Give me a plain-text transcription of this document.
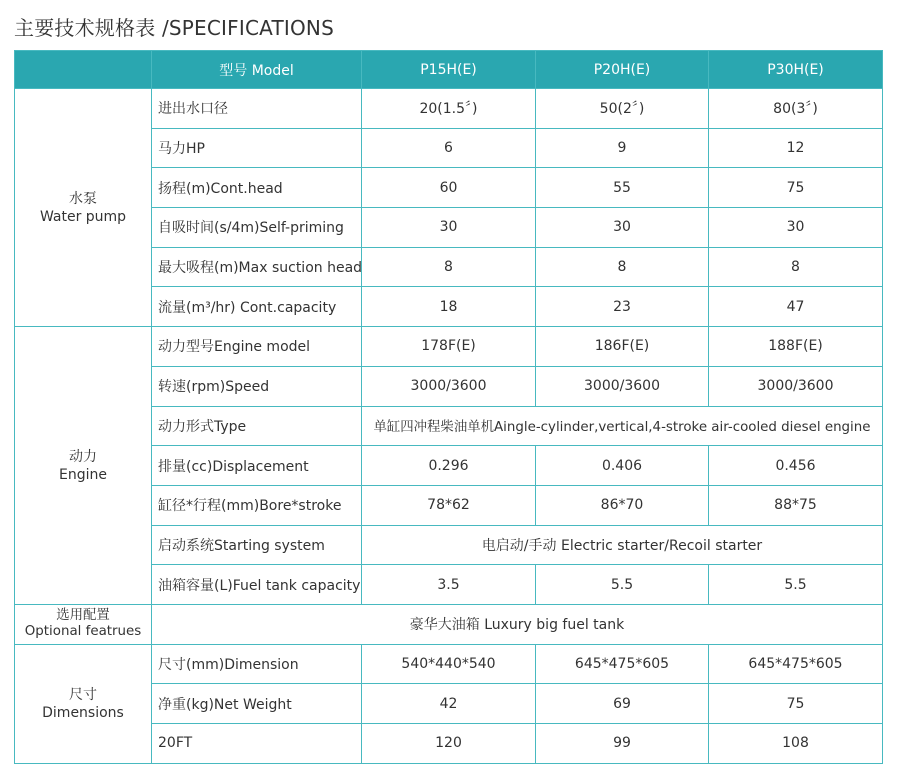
主要技术规格表 /SPECIFICATIONS
	型号 Model	P15H(E)	P20H(E)	P30H(E)

水泵
Water pump	进出水口径	20(1.5〞)	50(2〞)	80(3〞)
	马力HP	6	9	12
	扬程(m)Cont.head	60	55	75
	自吸时间(s/4m)Self-priming	30	30	30
	最大吸程(m)Max suction head	8	8	8
	流量(m³/hr) Cont.capacity	18	23	47

动力
Engine	动力型号Engine model	178F(E)	186F(E)	188F(E)
	转速(rpm)Speed	3000/3600	3000/3600	3000/3600
	动力形式Type	单缸四冲程柴油单机Aingle-cylinder,vertical,4-stroke air-cooled diesel engine		
	排量(cc)Displacement	0.296	0.406	0.456
	缸径*行程(mm)Bore*stroke	78*62	86*70	88*75
	启动系统Starting system	电启动/手动 Electric starter/Recoil starter		
	油箱容量(L)Fuel tank capacity	3.5	5.5	5.5

选用配置
Optional featrues	豪华大油箱 Luxury big fuel tank			

尺寸
Dimensions	尺寸(mm)Dimension	540*440*540	645*475*605	645*475*605
	净重(kg)Net Weight	42	69	75
	20FT	120	99	108
